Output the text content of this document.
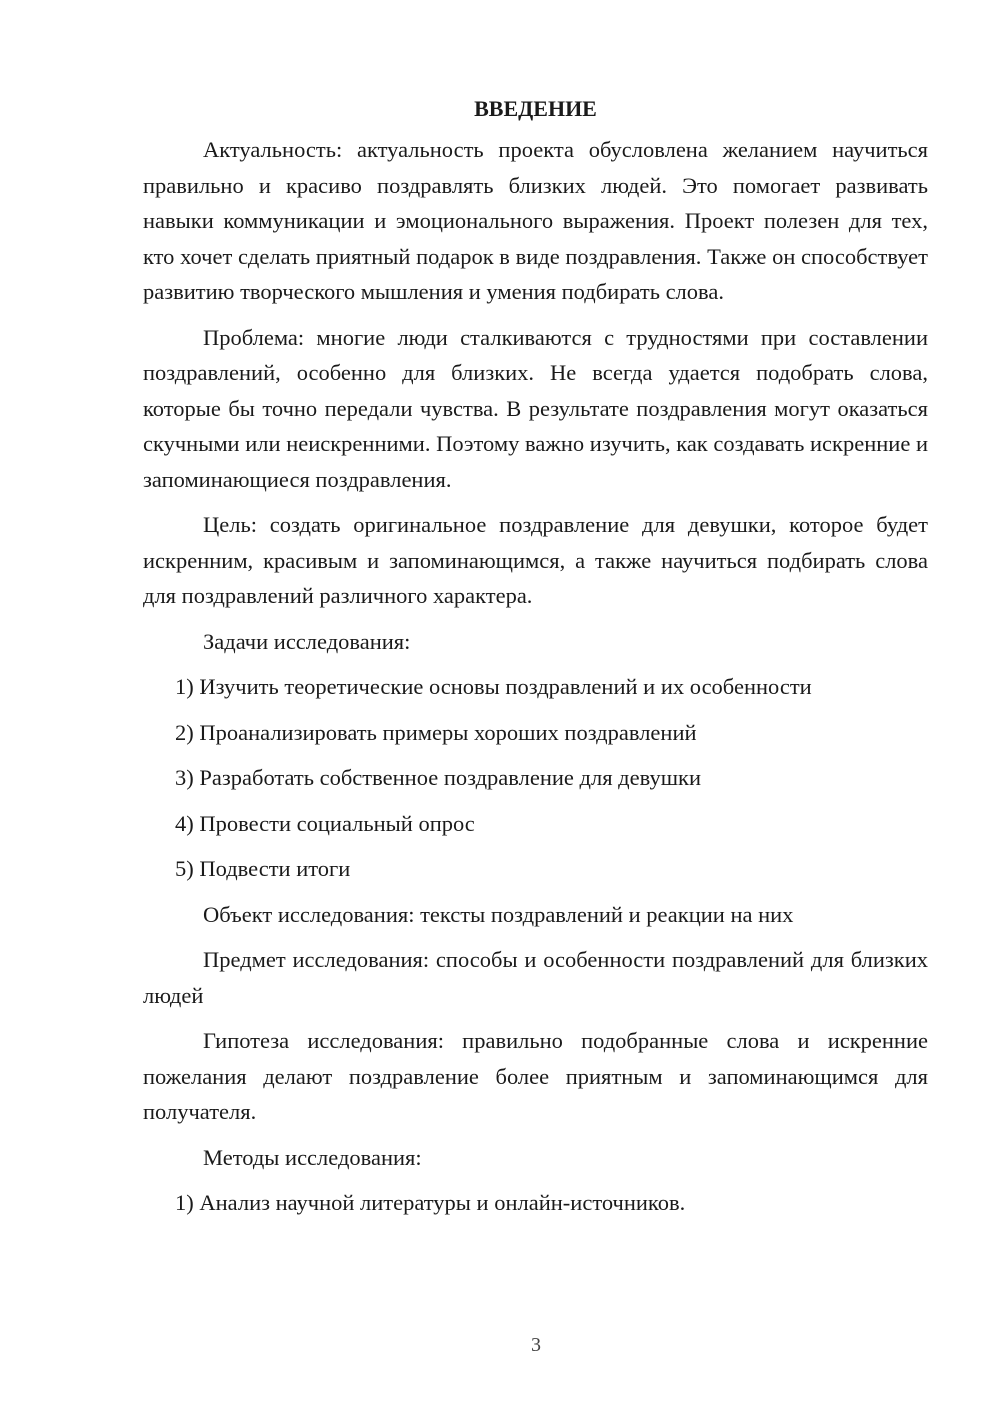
ВВЕДЕНИЕ

Актуальность: актуальность проекта обусловлена желанием научиться правильно и красиво поздравлять близких людей. Это помогает развивать навыки коммуникации и эмоционального выражения. Проект полезен для тех, кто хочет сделать приятный подарок в виде поздравления. Также он способствует развитию творческого мышления и умения подбирать слова.

Проблема: многие люди сталкиваются с трудностями при составлении поздравлений, особенно для близких. Не всегда удается подобрать слова, которые бы точно передали чувства. В результате поздравления могут оказаться скучными или неискренними. Поэтому важно изучить, как создавать искренние и запоминающиеся поздравления.

Цель: создать оригинальное поздравление для девушки, которое будет искренним, красивым и запоминающимся, а также научиться подбирать слова для поздравлений различного характера.

Задачи исследования:

1) Изучить теоретические основы поздравлений и их особенности

2) Проанализировать примеры хороших поздравлений

3) Разработать собственное поздравление для девушки

4) Провести социальный опрос

5) Подвести итоги

Объект исследования: тексты поздравлений и реакции на них

Предмет исследования: способы и особенности поздравлений для близких людей

Гипотеза исследования: правильно подобранные слова и искренние пожелания делают поздравление более приятным и запоминающимся для получателя.

Методы исследования:

1) Анализ научной литературы и онлайн-источников.

3
